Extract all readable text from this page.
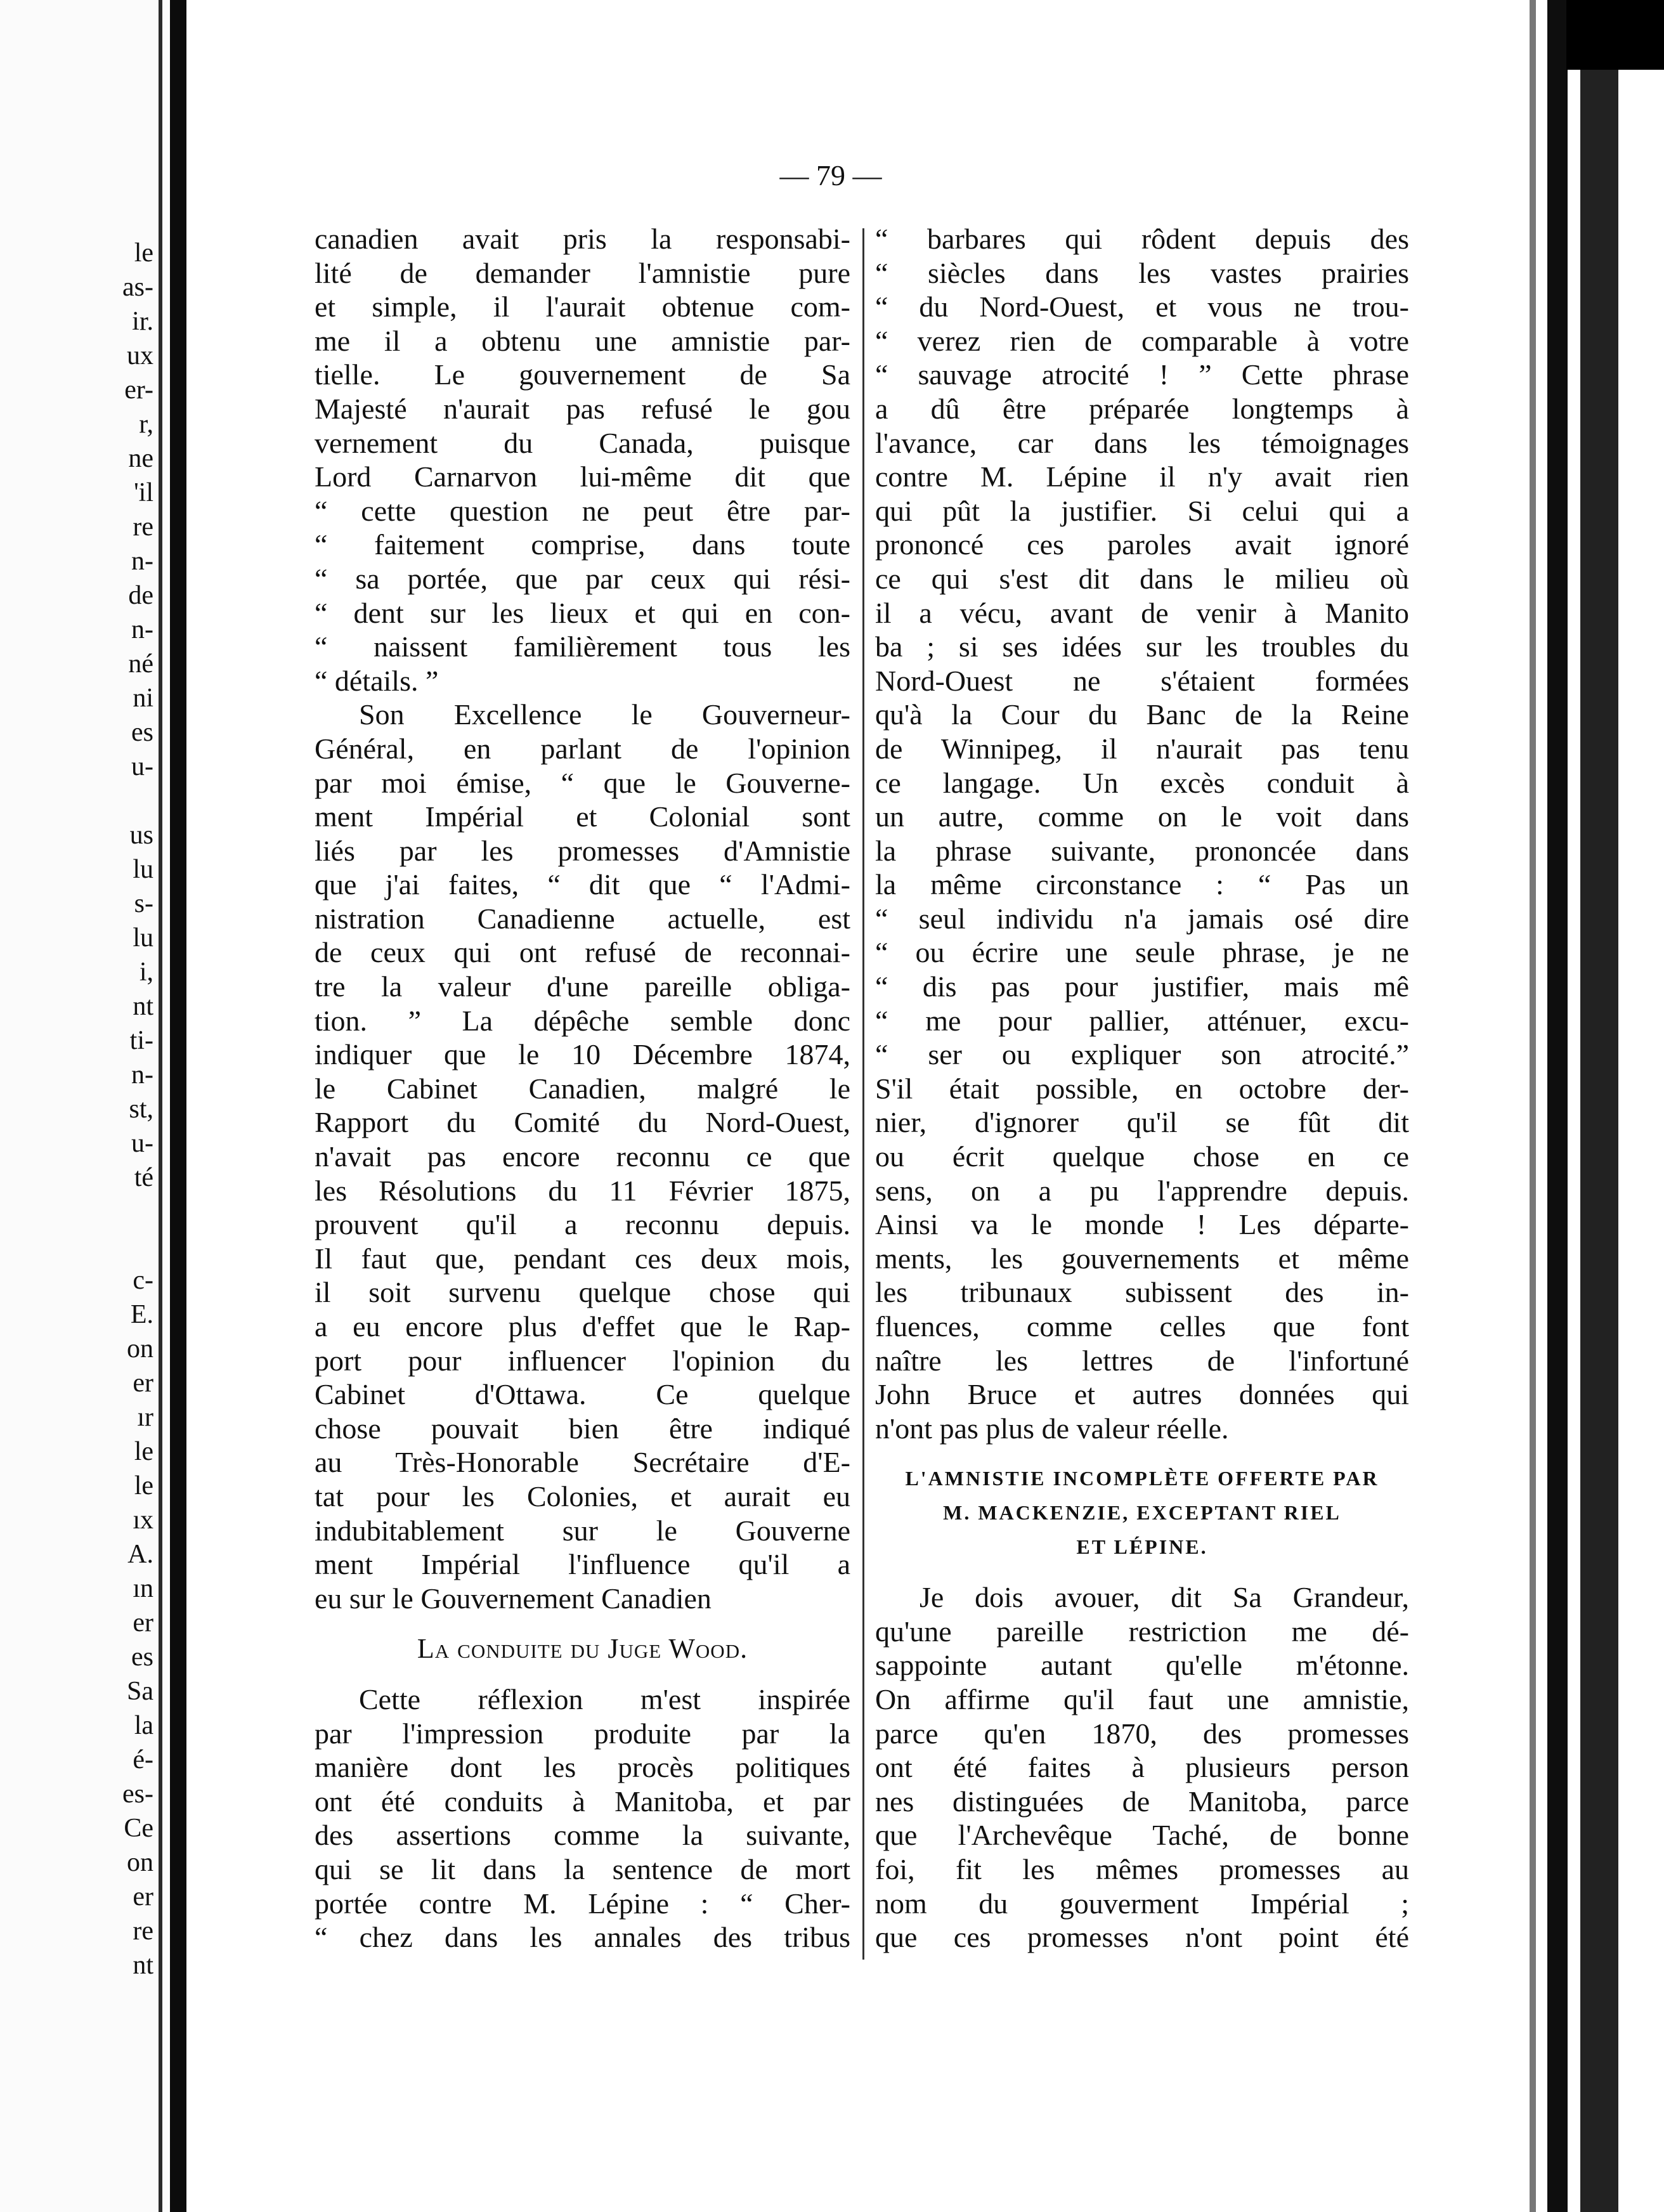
le
as-
ir.
ux
er-
r,
ne
'il
re
n-
de
n-
né
ni
es
u-
us
lu
s-
lu
i,
nt
ti-
n-
st,
u-
té
c-
E.
on
er
ır
le
le
ıx
A.
ın
er
es
Sa
la
é-
es-
Ce
on
er
re
nt
— 79 —
canadien avait pris la responsabi-
lité de demander l'amnistie pure
et simple, il l'aurait obtenue com-
me il a obtenu une amnistie par-
tielle. Le gouvernement de Sa
Majesté n'aurait pas refusé le gou
vernement du Canada, puisque
Lord Carnarvon lui-même dit que
“ cette question ne peut être par-
“ faitement comprise, dans toute
“ sa portée, que par ceux qui rési-
“ dent sur les lieux et qui en con-
“ naissent familièrement tous les
“ détails. ”
Son Excellence le Gouverneur-
Général, en parlant de l'opinion
par moi émise, “ que le Gouverne-
ment Impérial et Colonial sont
liés par les promesses d'Amnistie
que j'ai faites, “ dit que “ l'Admi-
nistration Canadienne actuelle, est
de ceux qui ont refusé de reconnai-
tre la valeur d'une pareille obliga-
tion. ” La dépêche semble donc
indiquer que le 10 Décembre 1874,
le Cabinet Canadien, malgré le
Rapport du Comité du Nord-Ouest,
n'avait pas encore reconnu ce que
les Résolutions du 11 Février 1875,
prouvent qu'il a reconnu depuis.
Il faut que, pendant ces deux mois,
il soit survenu quelque chose qui
a eu encore plus d'effet que le Rap-
port pour influencer l'opinion du
Cabinet d'Ottawa. Ce quelque
chose pouvait bien être indiqué
au Très-Honorable Secrétaire d'E-
tat pour les Colonies, et aurait eu
indubitablement sur le Gouverne
ment Impérial l'influence qu'il a
eu sur le Gouvernement Canadien
La conduite du Juge Wood.
Cette réflexion m'est inspirée
par l'impression produite par la
manière dont les procès politiques
ont été conduits à Manitoba, et par
des assertions comme la suivante,
qui se lit dans la sentence de mort
portée contre M. Lépine : “ Cher-
“ chez dans les annales des tribus
“ barbares qui rôdent depuis des
“ siècles dans les vastes prairies
“ du Nord-Ouest, et vous ne trou-
“ verez rien de comparable à votre
“ sauvage atrocité ! ” Cette phrase
a dû être préparée longtemps à
l'avance, car dans les témoignages
contre M. Lépine il n'y avait rien
qui pût la justifier. Si celui qui a
prononcé ces paroles avait ignoré
ce qui s'est dit dans le milieu où
il a vécu, avant de venir à Manito
ba ; si ses idées sur les troubles du
Nord-Ouest ne s'étaient formées
qu'à la Cour du Banc de la Reine
de Winnipeg, il n'aurait pas tenu
ce langage. Un excès conduit à
un autre, comme on le voit dans
la phrase suivante, prononcée dans
la même circonstance : “ Pas un
“ seul individu n'a jamais osé dire
“ ou écrire une seule phrase, je ne
“ dis pas pour justifier, mais mê
“ me pour pallier, atténuer, excu-
“ ser ou expliquer son atrocité.”
S'il était possible, en octobre der-
nier, d'ignorer qu'il se fût dit
ou écrit quelque chose en ce
sens, on a pu l'apprendre depuis.
Ainsi va le monde ! Les départe-
ments, les gouvernements et même
les tribunaux subissent des in-
fluences, comme celles que font
naître les lettres de l'infortuné
John Bruce et autres données qui
n'ont pas plus de valeur réelle.
L'AMNISTIE INCOMPLÈTE OFFERTE PAR
M. MACKENZIE, EXCEPTANT RIEL
ET LÉPINE.
Je dois avouer, dit Sa Grandeur,
qu'une pareille restriction me dé-
sappointe autant qu'elle m'étonne.
On affirme qu'il faut une amnistie,
parce qu'en 1870, des promesses
ont été faites à plusieurs person
nes distinguées de Manitoba, parce
que l'Archevêque Taché, de bonne
foi, fit les mêmes promesses au
nom du gouverment Impérial ;
que ces promesses n'ont point été
